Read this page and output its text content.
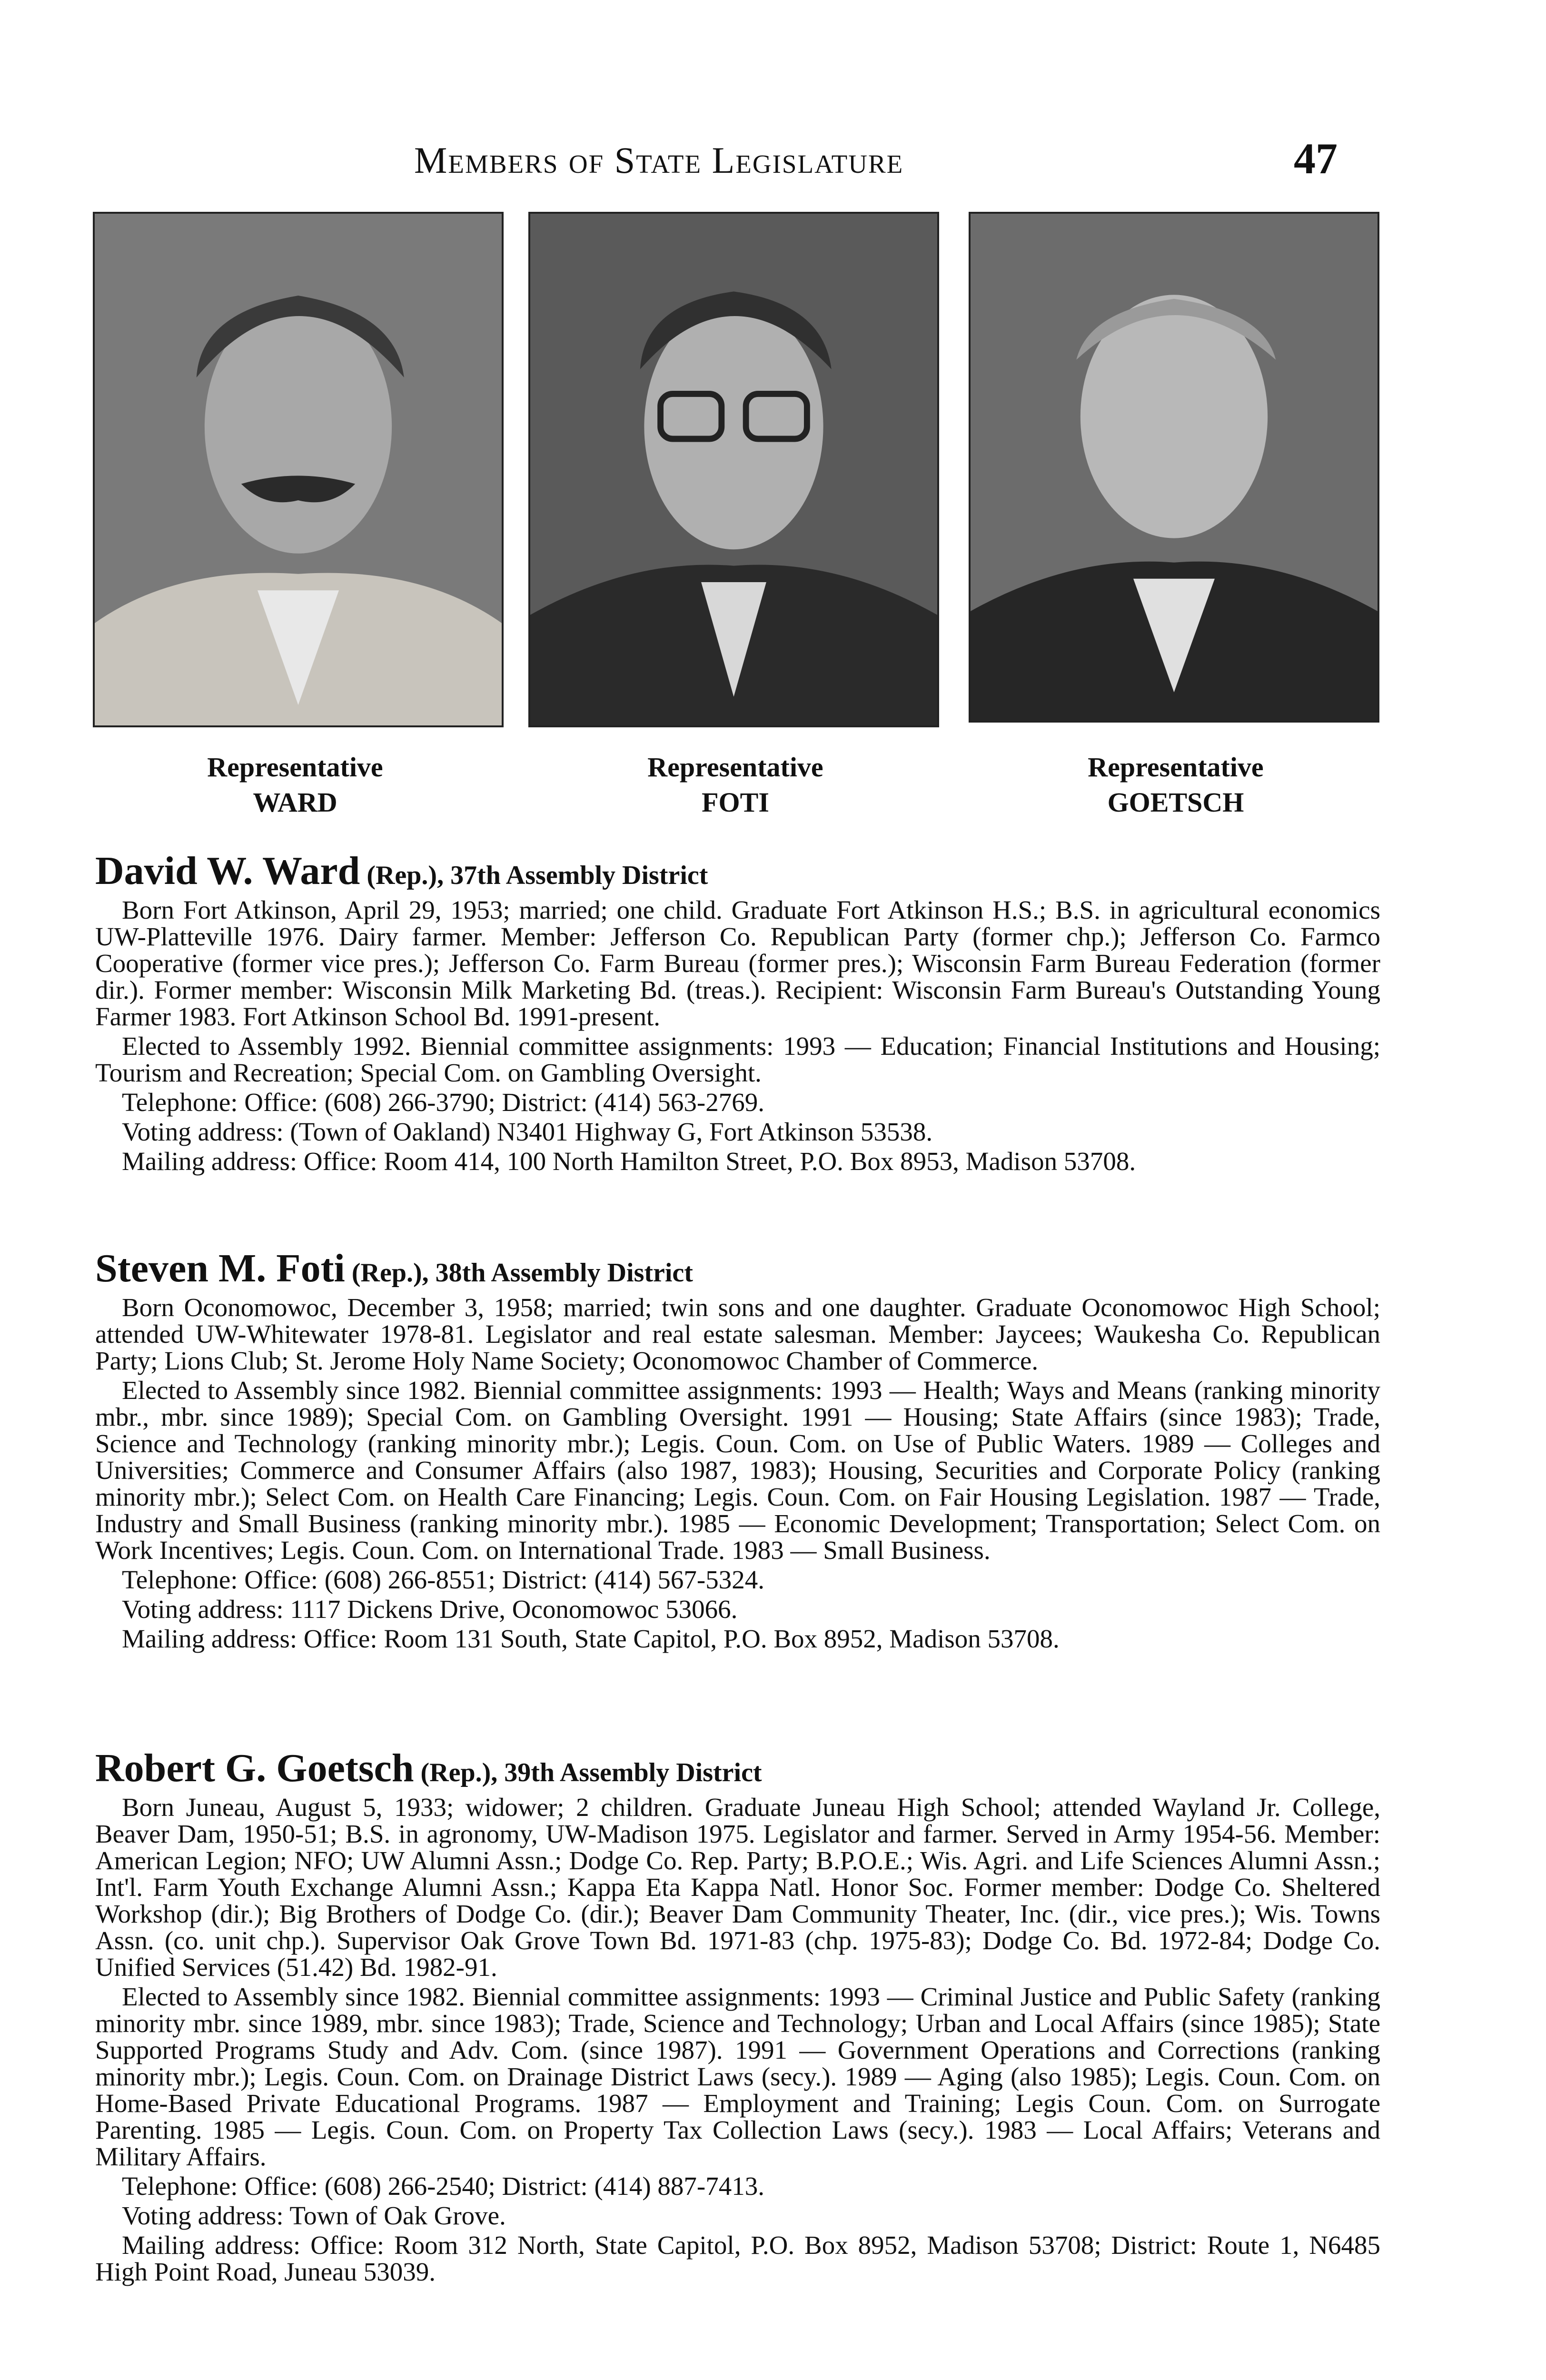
Members of State Legislature	47
Representative
WARD
Representative
FOTI
Representative
GOETSCH
David W. Ward (Rep.), 37th Assembly District

Born Fort Atkinson, April 29, 1953; married; one child. Graduate Fort Atkinson H.S.; B.S. in agricultural economics UW-Platteville 1976. Dairy farmer. Member: Jefferson Co. Republican Party (former chp.); Jefferson Co. Farmco Cooperative (former vice pres.); Jefferson Co. Farm Bureau (former pres.); Wisconsin Farm Bureau Federation (former dir.). Former member: Wisconsin Milk Marketing Bd. (treas.). Recipient: Wisconsin Farm Bureau's Outstanding Young Farmer 1983. Fort Atkinson School Bd. 1991-present.

Elected to Assembly 1992. Biennial committee assignments: 1993 — Education; Financial Institutions and Housing; Tourism and Recreation; Special Com. on Gambling Oversight.

Telephone: Office: (608) 266-3790; District: (414) 563-2769.

Voting address: (Town of Oakland) N3401 Highway G, Fort Atkinson 53538.

Mailing address: Office: Room 414, 100 North Hamilton Street, P.O. Box 8953, Madison 53708.

Steven M. Foti (Rep.), 38th Assembly District

Born Oconomowoc, December 3, 1958; married; twin sons and one daughter. Graduate Oconomowoc High School; attended UW-Whitewater 1978-81. Legislator and real estate salesman. Member: Jaycees; Waukesha Co. Republican Party; Lions Club; St. Jerome Holy Name Society; Oconomowoc Chamber of Commerce.

Elected to Assembly since 1982. Biennial committee assignments: 1993 — Health; Ways and Means (ranking minority mbr., mbr. since 1989); Special Com. on Gambling Oversight. 1991 — Housing; State Affairs (since 1983); Trade, Science and Technology (ranking minority mbr.); Legis. Coun. Com. on Use of Public Waters. 1989 — Colleges and Universities; Commerce and Consumer Affairs (also 1987, 1983); Housing, Securities and Corporate Policy (ranking minority mbr.); Select Com. on Health Care Financing; Legis. Coun. Com. on Fair Housing Legislation. 1987 — Trade, Industry and Small Business (ranking minority mbr.). 1985 — Economic Development; Transportation; Select Com. on Work Incentives; Legis. Coun. Com. on International Trade. 1983 — Small Business.

Telephone: Office: (608) 266-8551; District: (414) 567-5324.

Voting address: 1117 Dickens Drive, Oconomowoc 53066.

Mailing address: Office: Room 131 South, State Capitol, P.O. Box 8952, Madison 53708.

Robert G. Goetsch (Rep.), 39th Assembly District

Born Juneau, August 5, 1933; widower; 2 children. Graduate Juneau High School; attended Wayland Jr. College, Beaver Dam, 1950-51; B.S. in agronomy, UW-Madison 1975. Legislator and farmer. Served in Army 1954-56. Member: American Legion; NFO; UW Alumni Assn.; Dodge Co. Rep. Party; B.P.O.E.; Wis. Agri. and Life Sciences Alumni Assn.; Int'l. Farm Youth Exchange Alumni Assn.; Kappa Eta Kappa Natl. Honor Soc. Former member: Dodge Co. Sheltered Workshop (dir.); Big Brothers of Dodge Co. (dir.); Beaver Dam Community Theater, Inc. (dir., vice pres.); Wis. Towns Assn. (co. unit chp.). Supervisor Oak Grove Town Bd. 1971-83 (chp. 1975-83); Dodge Co. Bd. 1972-84; Dodge Co. Unified Services (51.42) Bd. 1982-91.

Elected to Assembly since 1982. Biennial committee assignments: 1993 — Criminal Justice and Public Safety (ranking minority mbr. since 1989, mbr. since 1983); Trade, Science and Technology; Urban and Local Affairs (since 1985); State Supported Programs Study and Adv. Com. (since 1987). 1991 — Government Operations and Corrections (ranking minority mbr.); Legis. Coun. Com. on Drainage District Laws (secy.). 1989 — Aging (also 1985); Legis. Coun. Com. on Home-Based Private Educational Programs. 1987 — Employment and Training; Legis Coun. Com. on Surrogate Parenting. 1985 — Legis. Coun. Com. on Property Tax Collection Laws (secy.). 1983 — Local Affairs; Veterans and Military Affairs.

Telephone: Office: (608) 266-2540; District: (414) 887-7413.

Voting address: Town of Oak Grove.

Mailing address: Office: Room 312 North, State Capitol, P.O. Box 8952, Madison 53708; District: Route 1, N6485 High Point Road, Juneau 53039.
